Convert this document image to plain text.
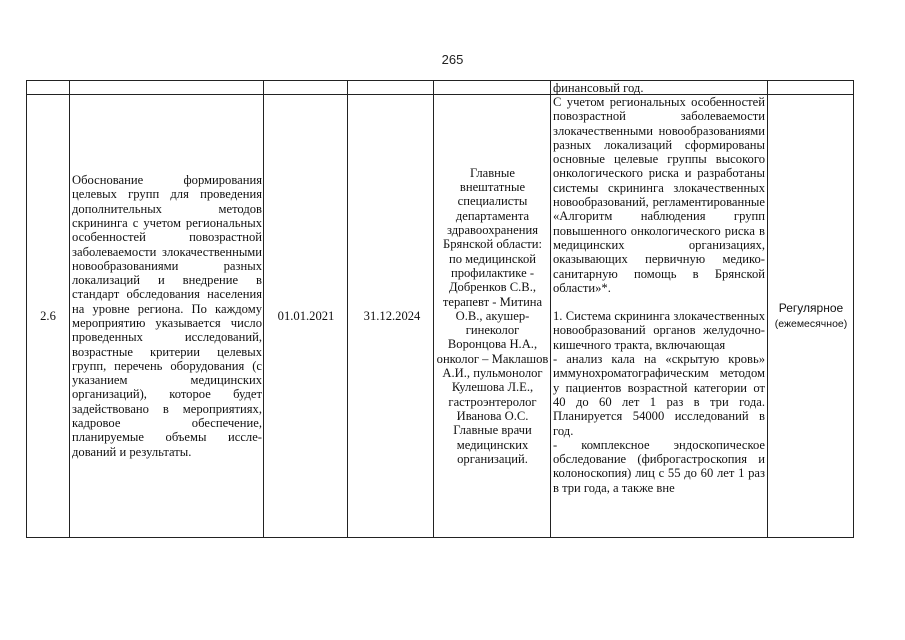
265
финансовый год.
2.6
Обоснование формирования целевых групп для проведения дополнительных методов скрининга с учетом региональных особенностей повозрастной заболеваемости злокачественными новообразованиями разных локализаций и внедрение в стандарт обследования населения на уровне региона. По каждому мероприятию указывается число проведенных исследований, возрастные критерии целевых групп, перечень оборудования (с указанием медицинских организаций), которое будет задействовано в мероприятиях, кадровое обеспечение, планируемые объемы иссле-дований и результаты.
01.01.2021 31.12.2024
Главные внештатные специалисты департамента здравоохранения Брянской области: по медицинской профилактике - Добренков С.В., терапевт - Митина О.В., акушер-гинеколог Воронцова Н.А., онколог – Маклашов А.И., пульмонолог Кулешова Л.Е., гастроэнтеролог Иванова О.С. Главные врачи медицинских организаций.

С учетом региональных особенностей повозрастной заболеваемости злокачественными новообразованиями разных локализаций сформированы основные целевые группы высокого онкологического риска и разработаны системы скрининга злокачественных новообразований, регламентированные «Алгоритм наблюдения групп повышенного онкологического риска в медицинских организациях, оказывающих первичную медико-санитарную помощь в Брянской области»*.

1. Система скрининга злокачественных новообразований органов желудочно-кишечного тракта, включающая

- анализ кала на «скрытую кровь» иммунохроматографическим методом у пациентов возрастной категории от 40 до 60 лет 1 раз в три года. Планируется 54000 исследований в год.

- комплексное эндоскопическое обследование (фиброгастроскопия и колоноскопия) лиц с 55 до 60 лет 1 раз в три года, а также вне

Регулярное
(ежемесячное)
